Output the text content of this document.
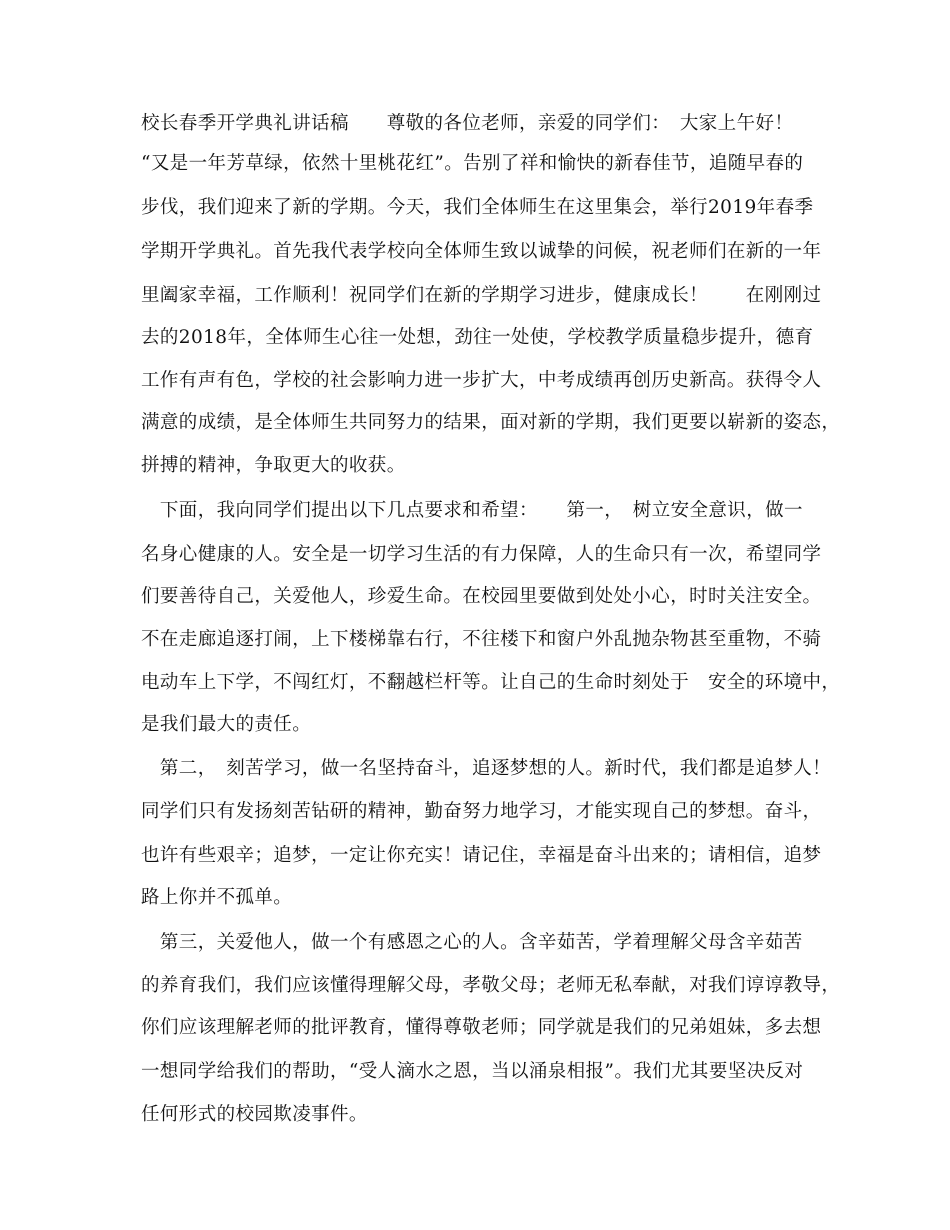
校长春季开学典礼讲话稿　　尊敬的各位老师，亲爱的同学们：　大家上午好！
“又是一年芳草绿，依然十里桃花红”。告别了祥和愉快的新春佳节，追随早春的
步伐，我们迎来了新的学期。今天，我们全体师生在这里集会，举行2019年春季
学期开学典礼。首先我代表学校向全体师生致以诚挚的问候，祝老师们在新的一年
里阖家幸福，工作顺利！祝同学们在新的学期学习进步，健康成长！　　在刚刚过
去的2018年，全体师生心往一处想，劲往一处使，学校教学质量稳步提升，德育
工作有声有色，学校的社会影响力进一步扩大，中考成绩再创历史新高。获得令人
满意的成绩，是全体师生共同努力的结果，面对新的学期，我们更要以崭新的姿态，
拼搏的精神，争取更大的收获。
　下面，我向同学们提出以下几点要求和希望：　　第一，　树立安全意识，做一
名身心健康的人。安全是一切学习生活的有力保障，人的生命只有一次，希望同学
们要善待自己，关爱他人，珍爱生命。在校园里要做到处处小心，时时关注安全。
不在走廊追逐打闹，上下楼梯靠右行，不往楼下和窗户外乱抛杂物甚至重物，不骑
电动车上下学，不闯红灯，不翻越栏杆等。让自己的生命时刻处于　安全的环境中，
是我们最大的责任。
　第二，　刻苦学习，做一名坚持奋斗，追逐梦想的人。新时代，我们都是追梦人！
同学们只有发扬刻苦钻研的精神，勤奋努力地学习，才能实现自己的梦想。奋斗，
也许有些艰辛；追梦，一定让你充实！请记住，幸福是奋斗出来的；请相信，追梦
路上你并不孤单。
　第三，关爱他人，做一个有感恩之心的人。含辛茹苦，学着理解父母含辛茹苦
的养育我们，我们应该懂得理解父母，孝敬父母；老师无私奉献，对我们谆谆教导，
你们应该理解老师的批评教育，懂得尊敬老师；同学就是我们的兄弟姐妹，多去想
一想同学给我们的帮助，“受人滴水之恩，当以涌泉相报”。我们尤其要坚决反对
任何形式的校园欺凌事件。
